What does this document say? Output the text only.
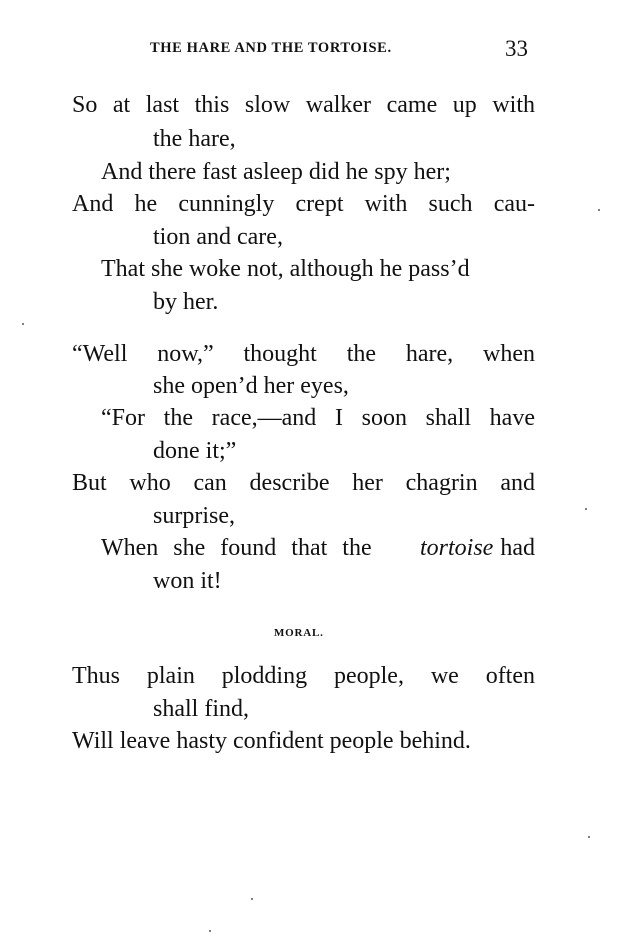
THE HARE AND THE TORTOISE.	33
So at last this slow walker came up with
the hare,
And there fast asleep did he spy her;
And he cunningly crept with such cau-
tion and care,
That she woke not, although he pass’d
by her.
“Well now,” thought the hare, when
she open’d her eyes,
“For the race,—and I soon shall have
done it;”
But who can describe her chagrin and
surprise,
When she found that the tortoise had
won it!
MORAL.
Thus plain plodding people, we often
shall find,
Will leave hasty confident people behind.
